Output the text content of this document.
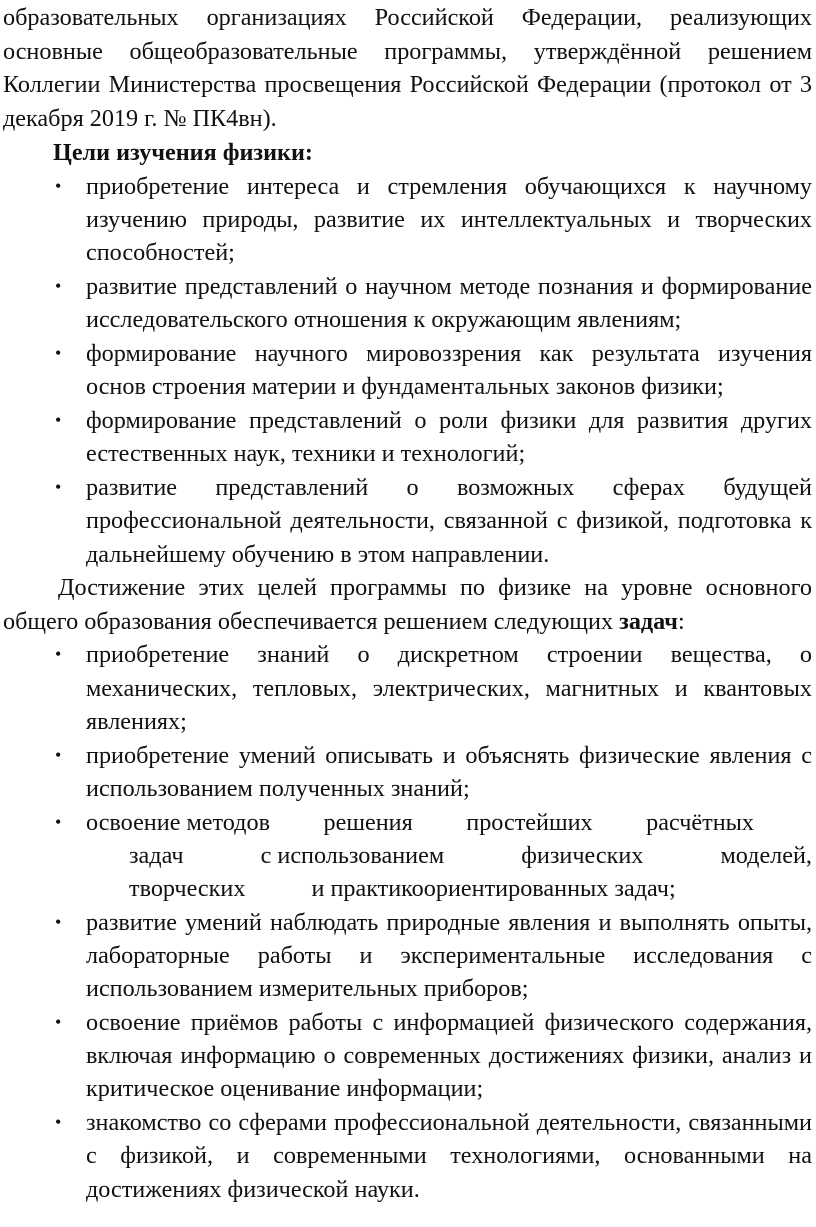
образовательных организациях Российской Федерации, реализующих основные общеобразовательные программы, утверждённой решением Коллегии Министерства просвещения Российской Федерации (протокол от 3 декабря 2019 г. № ПК4вн).

Цели изучения физики:

• приобретение интереса и стремления обучающихся к научному изучению природы, развитие их интеллектуальных и творческих способностей;
• развитие представлений о научном методе познания и формирование исследовательского отношения к окружающим явлениям;
• формирование научного мировоззрения как результата изучения основ строения материи и фундаментальных законов физики;
• формирование представлений о роли физики для развития других естественных наук, техники и технологий;
• развитие представлений о возможных сферах будущей профессиональной деятельности, связанной с физикой, подготовка к дальнейшему обучению в этом направлении.

Достижение этих целей программы по физике на уровне основного общего образования обеспечивается решением следующих задач:

• приобретение знаний о дискретном строении вещества, о механических, тепловых, электрических, магнитных и квантовых явлениях;
• приобретение умений описывать и объяснять физические явления с использованием полученных знаний;
• освоение методов решения простейших расчётных
задач	с использованием	физических	моделей,
творческих	и практикоориентированных задач;
• развитие умений наблюдать природные явления и выполнять опыты, лабораторные работы и экспериментальные исследования с использованием измерительных приборов;
• освоение приёмов работы с информацией физического содержания, включая информацию о современных достижениях физики, анализ и критическое оценивание информации;
• знакомство со сферами профессиональной деятельности, связанными с физикой, и современными технологиями, основанными на достижениях физической науки.
